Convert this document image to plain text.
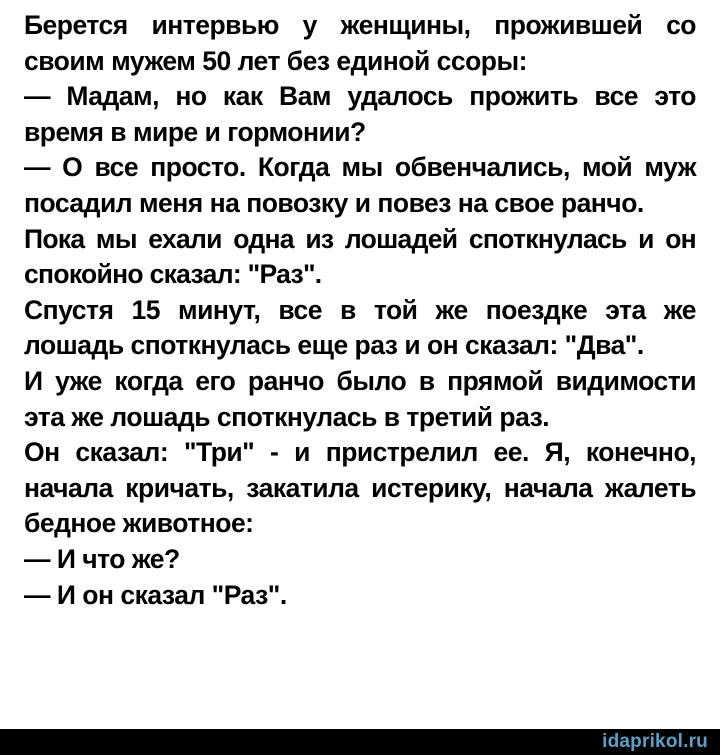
Берется интервью у женщины, прожившей со своим мужем 50 лет без единой ссоры:

— Мадам, но как Вам удалось прожить все это время в мире и гормонии?

— О все просто. Когда мы обвенчались, мой муж посадил меня на повозку и повез на свое ранчо.

Пока мы ехали одна из лошадей споткнулась и он спокойно сказал: "Раз".

Спустя 15 минут, все в той же поездке эта же лошадь споткнулась еще раз и он сказал: "Два".

И уже когда его ранчо было в прямой видимости эта же лошадь споткнулась в третий раз.

Он сказал: "Три" - и пристрелил ее. Я, конечно, начала кричать, закатила истерику, начала жалеть бедное животное:

— И что же?

— И он сказал "Раз".

idaprikol.ru
